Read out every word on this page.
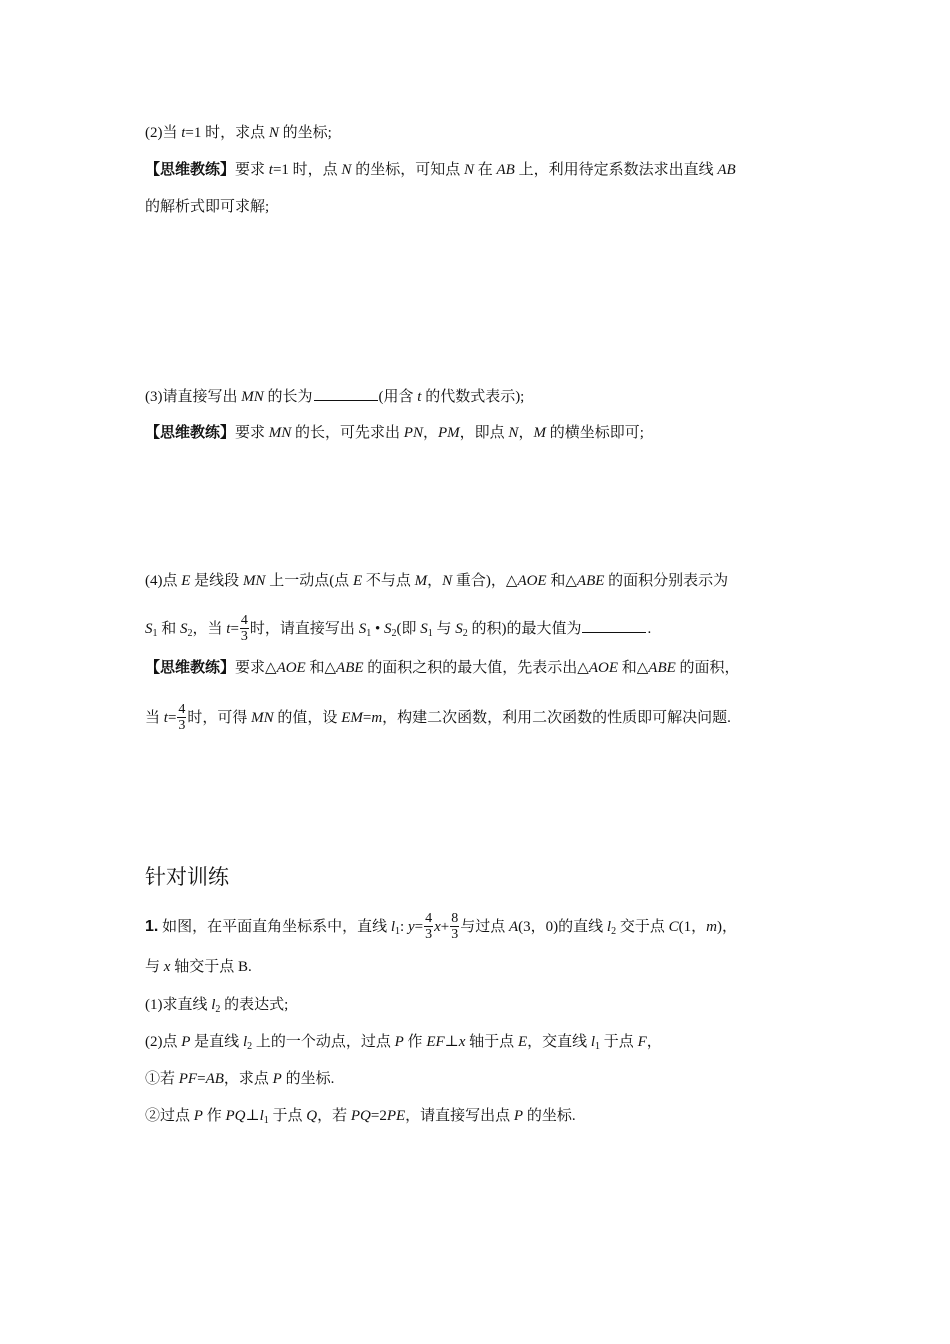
(2)当 t=1 时，求点 N 的坐标;
【思维教练】要求 t=1 时，点 N 的坐标，可知点 N 在 AB 上，利用待定系数法求出直线 AB
的解析式即可求解;
(3)请直接写出 MN 的长为	(用含 t 的代数式表示);
【思维教练】要求 MN 的长，可先求出 PN，PM，即点 N，M 的横坐标即可;
(4)点 E 是线段 MN 上一动点(点 E 不与点 M，N 重合)，△AOE 和△ABE 的面积分别表示为
$S_1$ 和 $S_2$，当 $t= \frac{4}{3}$ 时，请直接写出 $S_1$ • $S_2$(即 $S_1$ 与 $S_2$ 的积)的最大值为	.
【思维教练】要求△AOE 和△ABE 的面积之积的最大值，先表示出△AOE 和△ABE 的面积，
当 $t= \frac{4}{3}$ 时，可得 MN 的值，设 EM=m，构建二次函数，利用二次函数的性质即可解决问题.
针对训练
1. 如图，在平面直角坐标系中，直线 $l_1$: $y= \frac{4}{3} x+ \frac{8}{3}$ 与过点 A(3，0)的直线 $l_2$ 交于点 C(1，m)，
与 x 轴交于点 B.
(1)求直线 $l_2$ 的表达式;
(2)点 P 是直线 $l_2$ 上的一个动点，过点 P 作 EF⊥x 轴于点 E，交直线 $l_1$ 于点 F，
①若 PF=AB，求点 P 的坐标.
②过点 P 作 $PQ\perp l_1$ 于点 Q，若 PQ=2PE，请直接写出点 P 的坐标.
